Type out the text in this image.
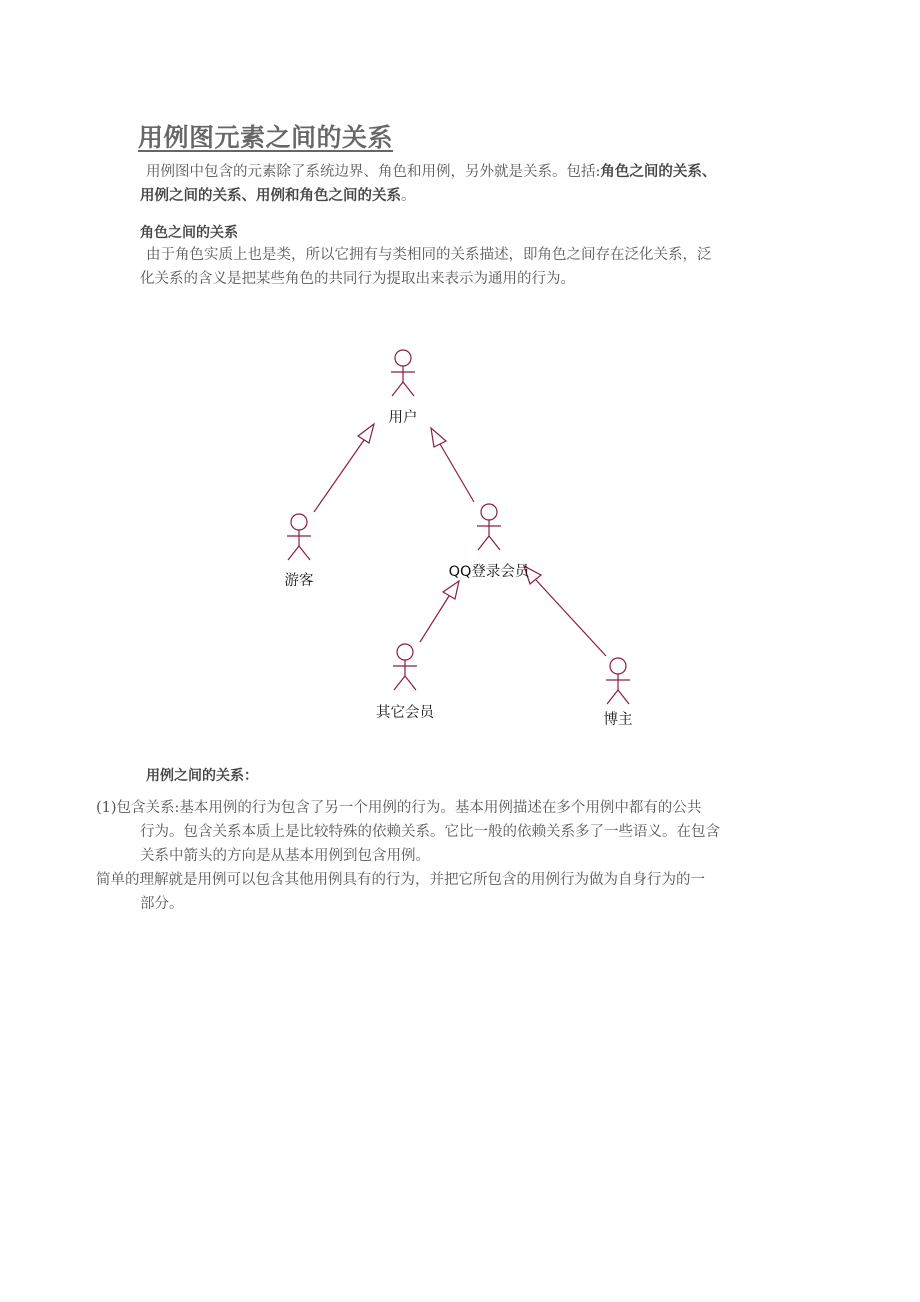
用例图元素之间的关系
用例图中包含的元素除了系统边界、角色和用例，另外就是关系。包括:角色之间的关系、
用例之间的关系、用例和角色之间的关系。
角色之间的关系
由于角色实质上也是类，所以它拥有与类相同的关系描述，即角色之间存在泛化关系，泛
化关系的含义是把某些角色的共同行为提取出来表示为通用的行为。
用户
游客
QQ登录会员
其它会员	博主
用例之间的关系：
(1)包含关系:基本用例的行为包含了另一个用例的行为。基本用例描述在多个用例中都有的公共
行为。包含关系本质上是比较特殊的依赖关系。它比一般的依赖关系多了一些语义。在包含
关系中箭头的方向是从基本用例到包含用例。
简单的理解就是用例可以包含其他用例具有的行为，并把它所包含的用例行为做为自身行为的一
部分。
